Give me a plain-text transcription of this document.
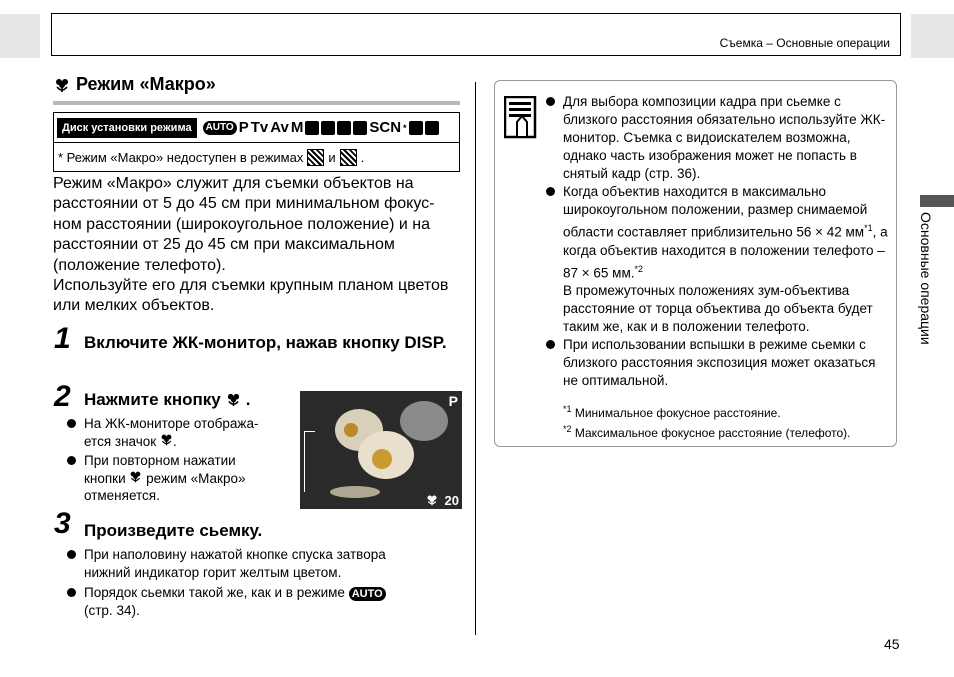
Съемка – Основные операции
Режим «Макро»
Диск установки режима	AUTO P Tv Av M	SCN *
* Режим «Макро» недоступен в режимах и .
Режим «Макро» служит для съемки объектов на расстоянии от 5 до 45 см при минимальном фокус-ном расстоянии (широкоугольное положение) и на расстоянии от 25 до 45 см при максимальном (положение телефото).
Используйте его для съемки крупным планом цветов или мелких объектов.
1 Включите ЖК-монитор, нажав кнопку DISP.
2 Нажмите кнопку .
На ЖК-мониторе отобража-ется значок .
При повторном нажатии кнопки режим «Макро» отменяется.
P
20
3 Произведите сьемку.
При наполовину нажатой кнопке спуска затвора нижний индикатор горит желтым цветом.
Порядок сьемки такой же, как и в режиме AUTO
(стр. 34).
Для выбора композиции кадра при сьемке с близкого расстояния обязательно используйте ЖК-монитор. Съемка с видоискателем возможна, однако часть изображения может не попасть в снятый кадр (стр. 36).
Когда объектив находится в максимально широкоугольном положении, размер снимаемой области составляет приблизительно 56 × 42 $мм^{*1}$, а когда объектив находится в положении телефото – 87 × 65 мм.$^{*2}$
В промежуточных положениях зум-объектива расстояние от торца объектива до объекта будет таким же, как и в положении телефото.
При использовании вспышки в режиме сьемки с близкого расстояния экспозиция может оказаться не оптимальной.
$^{*1}$ Минимальное фокусное расстояние.
$^{*2}$ Максимальное фокусное расстояние (телефото).
Основные операции
45
